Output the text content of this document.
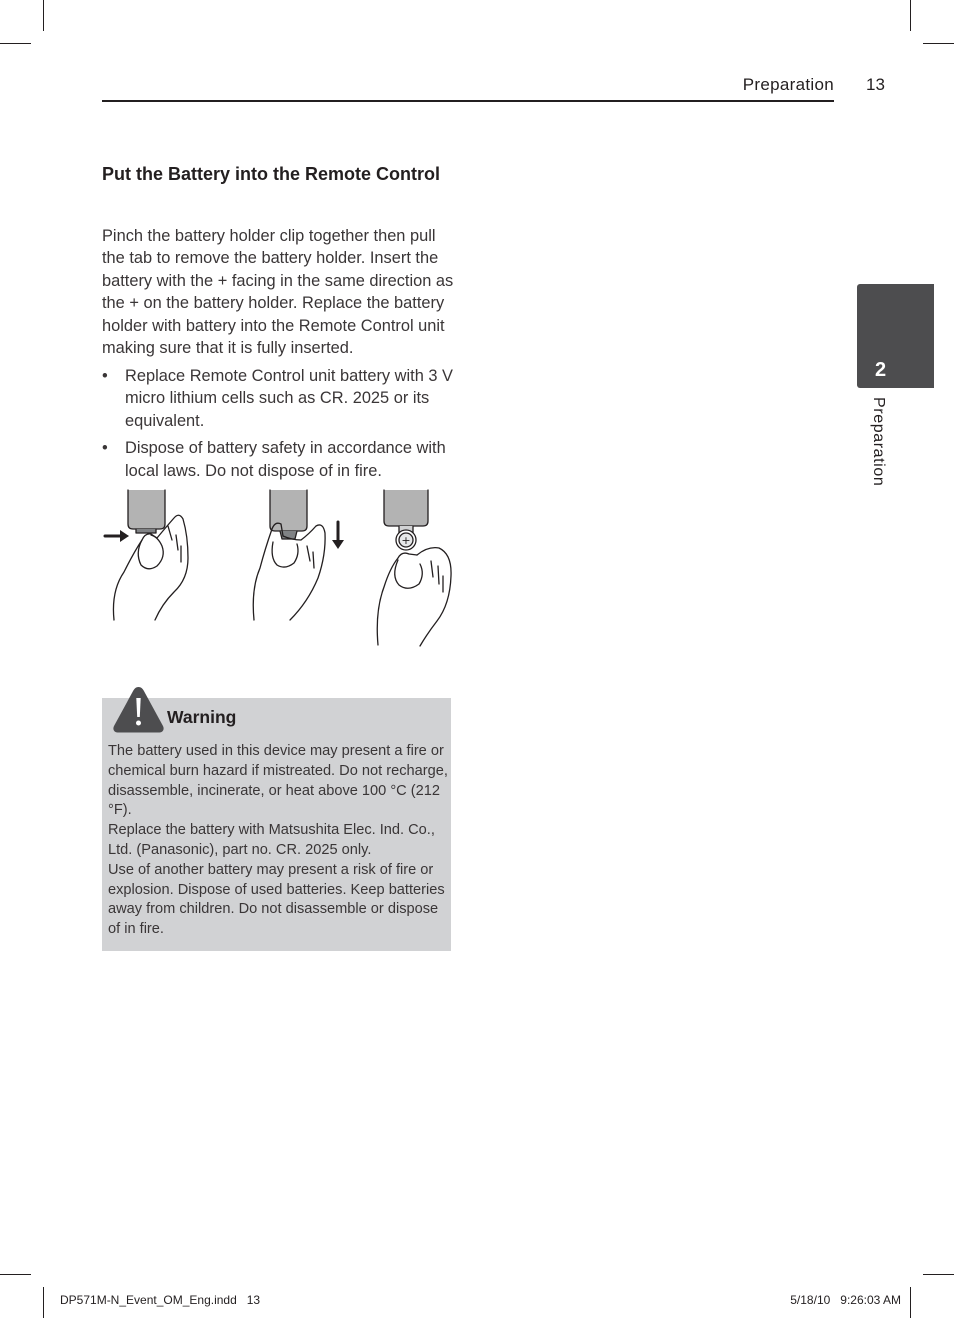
Preparation 13
2
Preparation
Put the Battery into the Remote Control
Pinch the battery holder clip together then pull the tab to remove the battery holder. Insert the battery with the + facing in the same direction as the + on the battery holder. Replace the battery holder with battery into the Remote Control unit making sure that it is fully inserted.
• Replace Remote Control unit battery with 3 V micro lithium cells such as CR. 2025 or its equivalent.
• Dispose of battery safety in accordance with local laws. Do not dispose of in fire.
+
Warning
The battery used in this device may present a fire or chemical burn hazard if mistreated. Do not recharge, disassemble, incinerate, or heat above 100 °C (212 °F).
Replace the battery with Matsushita Elec. Ind. Co., Ltd. (Panasonic), part no. CR. 2025 only.
Use of another battery may present a risk of fire or explosion. Dispose of used batteries. Keep batteries away from children. Do not disassemble or dispose of in fire.
DP571M-N_Event_OM_Eng.indd   13	5/18/10   9:26:03 AM
